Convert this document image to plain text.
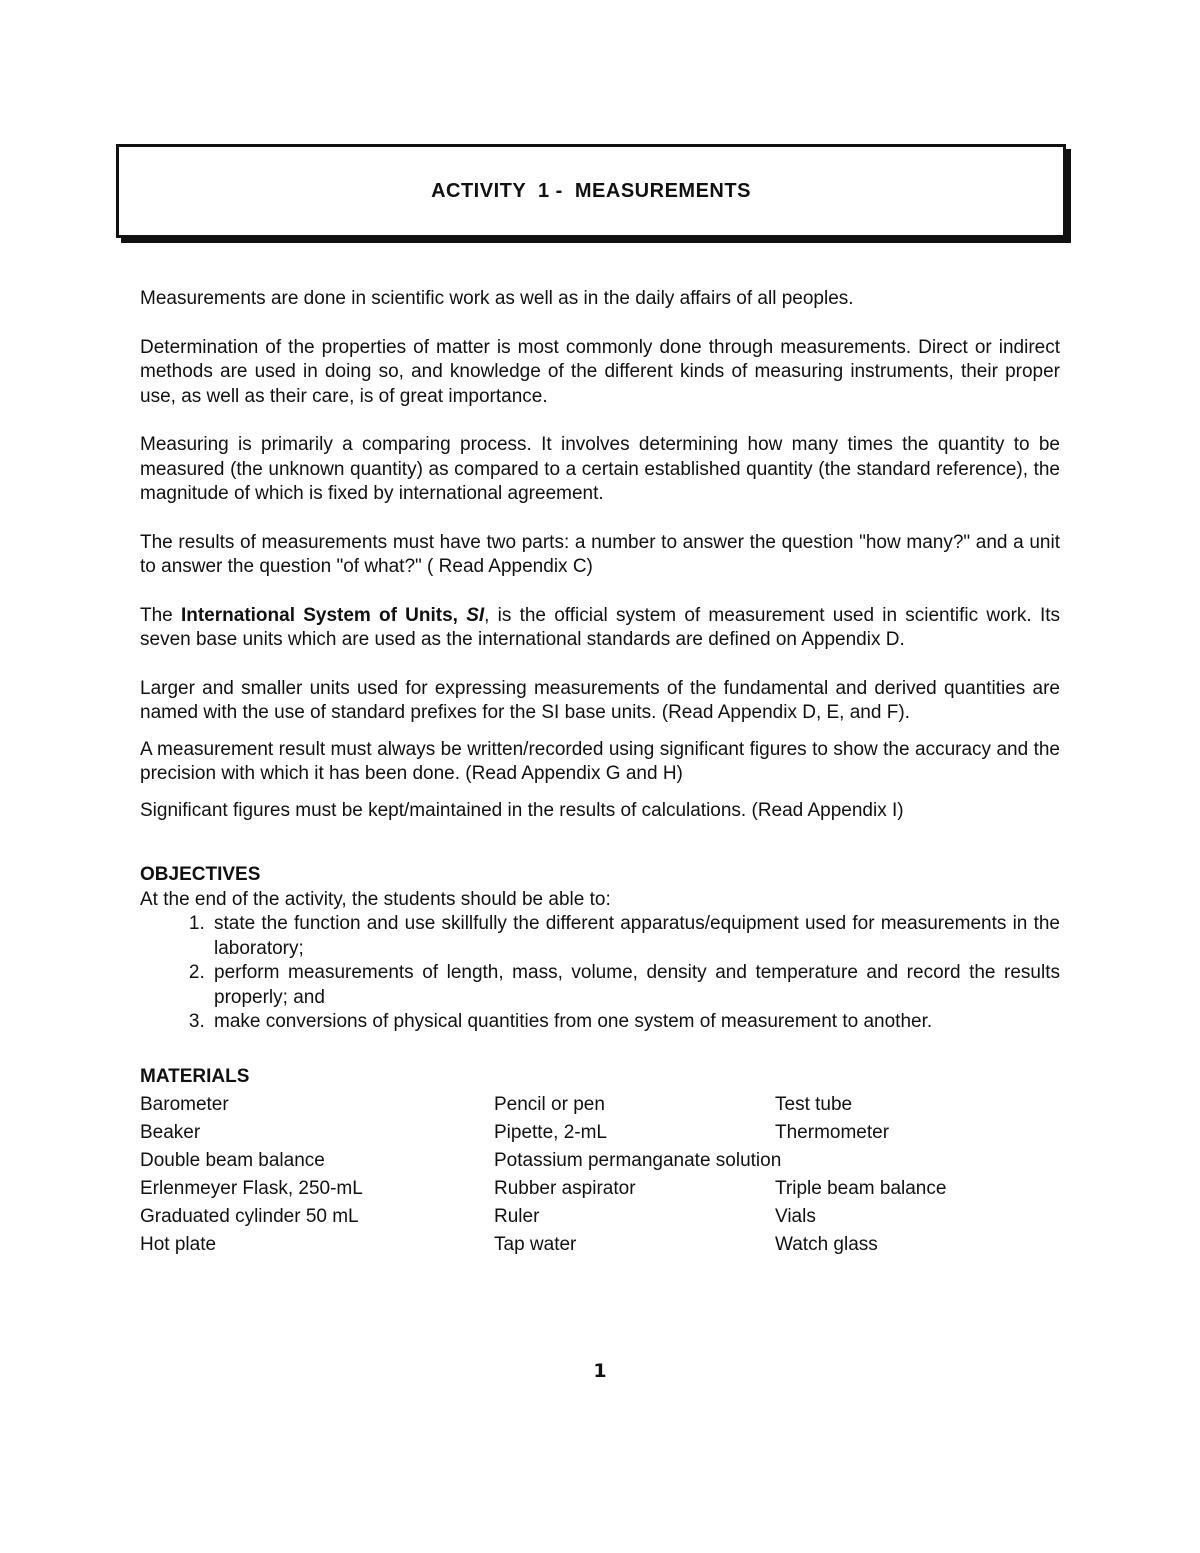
ACTIVITY  1 -  MEASUREMENTS

Measurements are done in scientific work as well as in the daily affairs of all peoples.

Determination of the properties of matter is most commonly done through measurements. Direct or indirect methods are used in doing so, and knowledge of the different kinds of measuring instruments, their proper use, as well as their care, is of great importance.

Measuring is primarily a comparing process. It involves determining how many times the quantity to be measured (the unknown quantity) as compared to a certain established quantity (the standard reference), the magnitude of which is fixed by international agreement.

The results of measurements must have two parts: a number to answer the question "how many?" and a unit to answer the question "of what?" ( Read Appendix C)

The International System of Units, SI, is the official system of measurement used in scientific work. Its seven base units which are used as the international standards are defined on Appendix D.

Larger and smaller units used for expressing measurements of the fundamental and derived quantities are named with the use of standard prefixes for the SI base units. (Read Appendix D, E, and F).

A measurement result must always be written/recorded using significant figures to show the accuracy and the precision with which it has been done. (Read Appendix G and H)

Significant figures must be kept/maintained in the results of calculations. (Read Appendix I)

OBJECTIVES

At the end of the activity, the students should be able to:

1. state the function and use skillfully the different apparatus/equipment used for measurements in the laboratory;
2. perform measurements of length, mass, volume, density and temperature and record the results properly; and
3. make conversions of physical quantities from one system of measurement to another.

MATERIALS

Barometer	Pencil or pen	Test tube
Beaker	Pipette, 2-mL	Thermometer
Double beam balance	Potassium permanganate solution
Erlenmeyer Flask, 250-mL	Rubber aspirator	Triple beam balance
Graduated cylinder 50 mL	Ruler	Vials
Hot plate	Tap water	Watch glass
1
